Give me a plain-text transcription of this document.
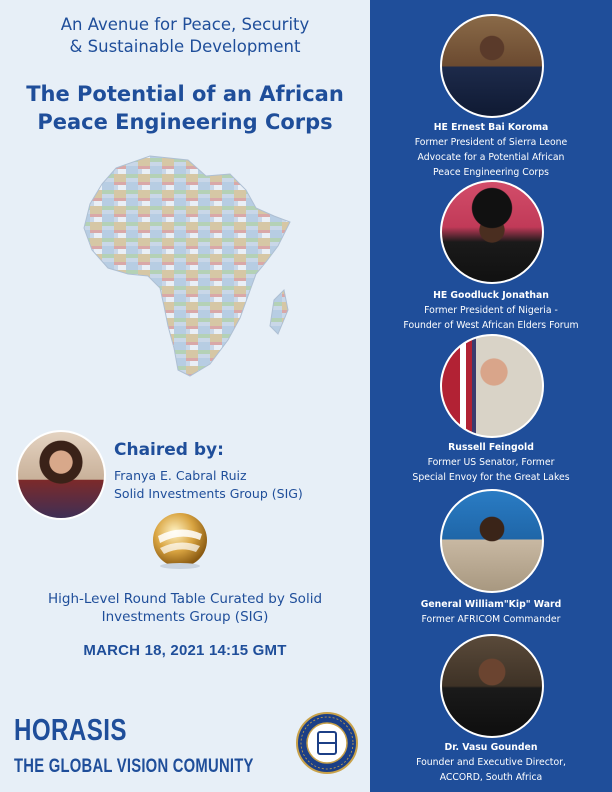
An Avenue for Peace, Security
& Sustainable Development
The Potential of an African
Peace Engineering Corps
Chaired by:
Franya E. Cabral Ruiz
Solid Investments Group (SIG)
High-Level Round Table Curated by Solid
Investments Group (SIG)
MARCH 18, 2021 14:15 GMT
HORASIS
THE GLOBAL VISION COMUNITY
HE Ernest Bai Koroma
Former President of Sierra Leone
Advocate for a Potential African
Peace Engineering Corps
HE Goodluck Jonathan
Former President of Nigeria -
Founder of West African Elders Forum
Russell Feingold
Former US Senator, Former
Special Envoy for the Great Lakes
General William"Kip" Ward
Former AFRICOM Commander
Dr. Vasu Gounden
Founder and Executive Director,
ACCORD, South Africa
